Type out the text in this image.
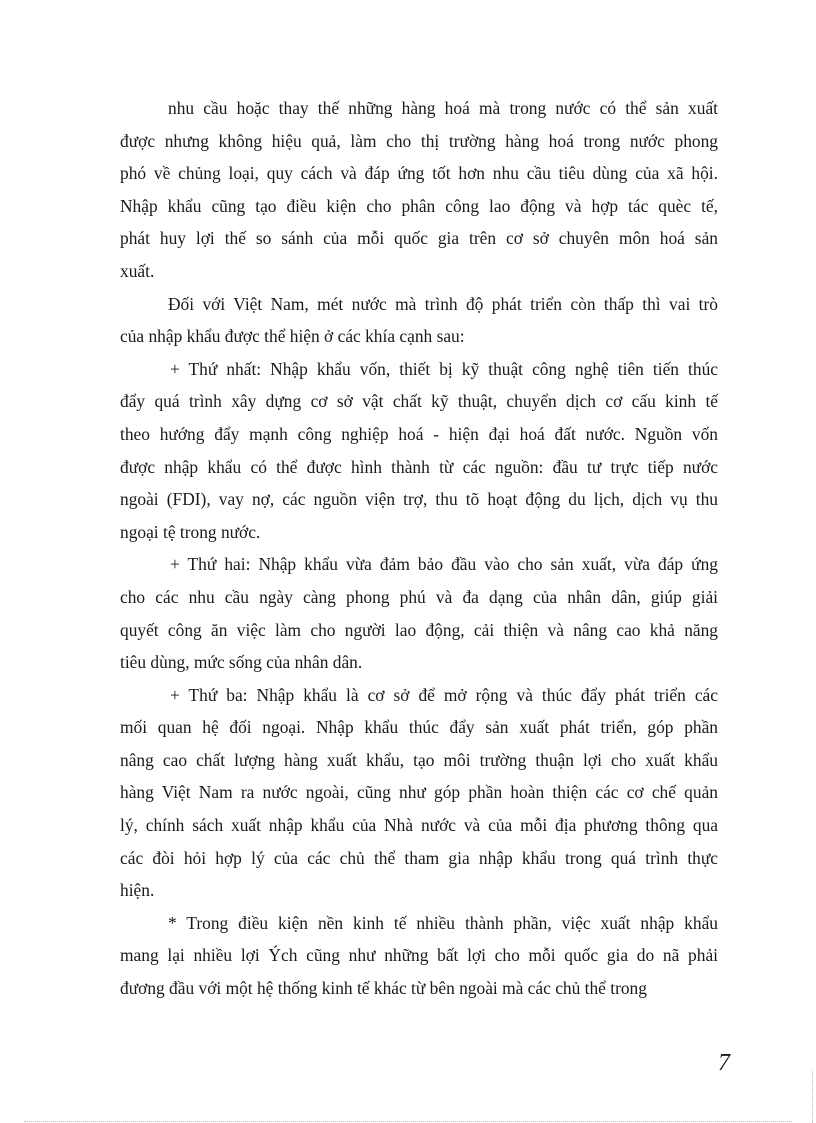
nhu cầu hoặc thay thế những hàng hoá mà trong nước có thể sản xuất
được nhưng không hiệu quả, làm cho thị trường hàng hoá trong nước phong
phó về chủng loại, quy cách và đáp ứng tốt hơn nhu cầu tiêu dùng của xã hội.
Nhập khẩu cũng tạo điều kiện cho phân công lao động và hợp tác quèc tế,
phát huy lợi thế so sánh của mỗi quốc gia trên cơ sở chuyên môn hoá sản
xuất.
Đối với Việt Nam, mét nước mà trình độ phát triển còn thấp thì vai trò
của nhập khẩu được thể hiện ở các khía cạnh sau:
+ Thứ nhất: Nhập khẩu vốn, thiết bị kỹ thuật công nghệ tiên tiến thúc
đẩy quá trình xây dựng cơ sở vật chất kỹ thuật, chuyển dịch cơ cấu kinh tế
theo hướng đẩy mạnh công nghiệp hoá - hiện đại hoá đất nước. Nguồn vốn
được nhập khẩu có thể được hình thành từ các nguồn: đầu tư trực tiếp nước
ngoài (FDI), vay nợ, các nguồn viện trợ, thu tõ hoạt động du lịch, dịch vụ thu
ngoại tệ trong nước.
+ Thứ hai: Nhập khẩu vừa đảm bảo đầu vào cho sản xuất, vừa đáp ứng
cho các nhu cầu ngày càng phong phú và đa dạng của nhân dân, giúp giải
quyết công ăn việc làm cho người lao động, cải thiện và nâng cao khả năng
tiêu dùng, mức sống của nhân dân.
+ Thứ ba: Nhập khẩu là cơ sở để mở rộng và thúc đẩy phát triển các
mối quan hệ đối ngoại. Nhập khẩu thúc đẩy sản xuất phát triển, góp phần
nâng cao chất lượng hàng xuất khẩu, tạo môi trường thuận lợi cho xuất khẩu
hàng Việt Nam ra nước ngoài, cũng như góp phần hoàn thiện các cơ chế quản
lý, chính sách xuất nhập khẩu của Nhà nước và của mỗi địa phương thông qua
các đòi hỏi hợp lý của các chủ thể tham gia nhập khẩu trong quá trình thực
hiện.
* Trong điều kiện nền kinh tế nhiều thành phần, việc xuất nhập khẩu
mang lại nhiều lợi Ých cũng như những bất lợi cho mỗi quốc gia do nã phải
đương đầu với một hệ thống kinh tế khác từ bên ngoài mà các chủ thể trong
7
